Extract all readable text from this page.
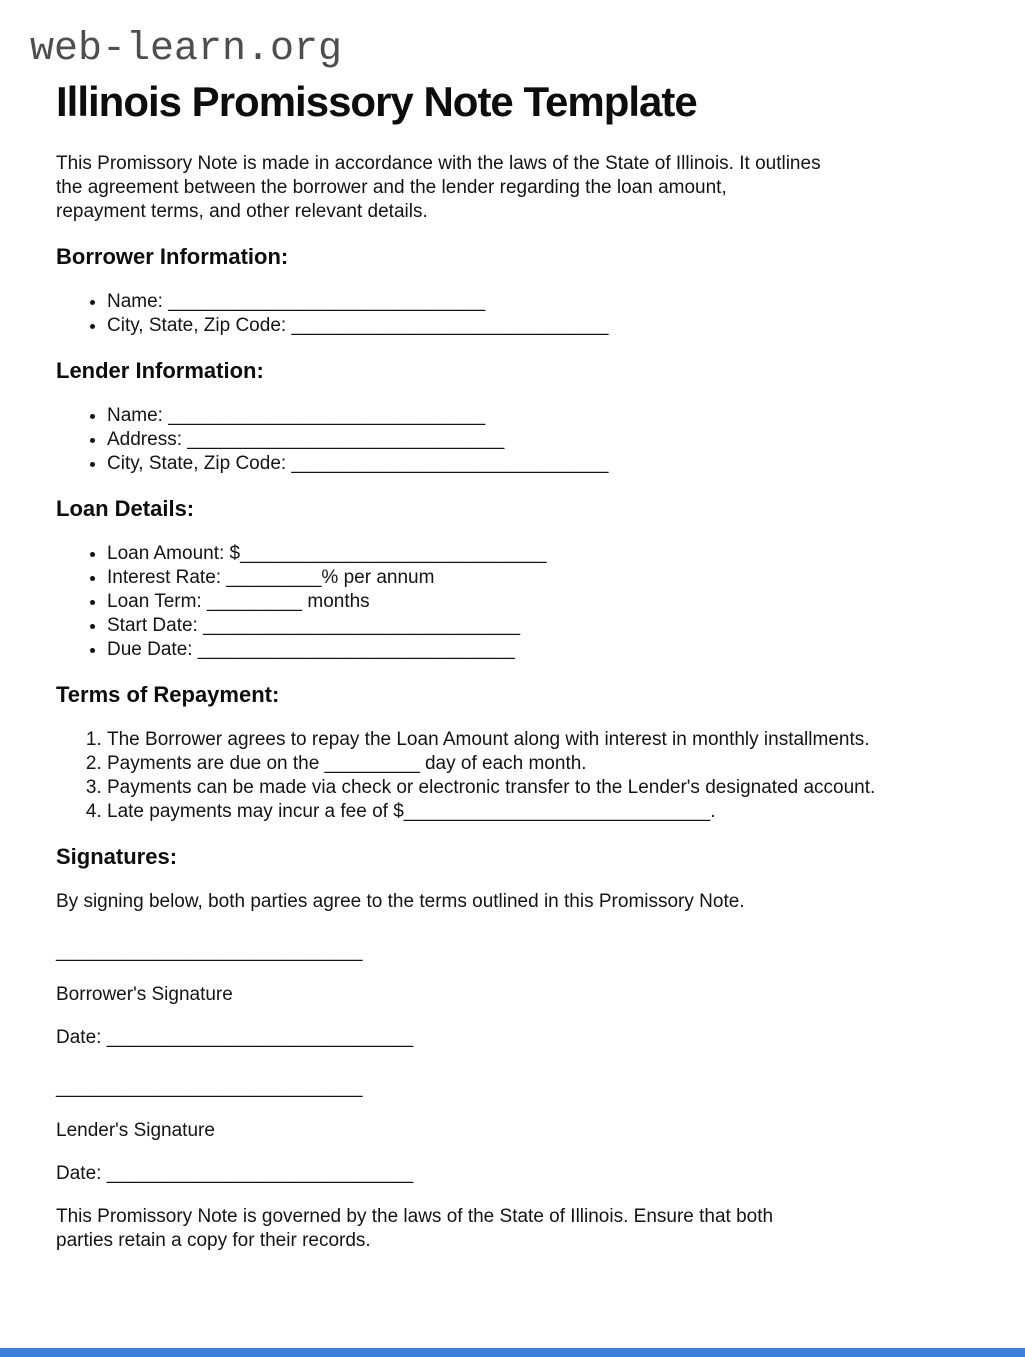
web-learn.org
Illinois Promissory Note Template
This Promissory Note is made in accordance with the laws of the State of Illinois. It outlines
the agreement between the borrower and the lender regarding the loan amount,
repayment terms, and other relevant details.
Borrower Information:
• Name: ______________________________
• City, State, Zip Code: ______________________________
Lender Information:
• Name: ______________________________
• Address: ______________________________
• City, State, Zip Code: ______________________________
Loan Details:
• Loan Amount: $_____________________________
• Interest Rate: _________% per annum
• Loan Term: _________ months
• Start Date: ______________________________
• Due Date: ______________________________
Terms of Repayment:
1. The Borrower agrees to repay the Loan Amount along with interest in monthly installments.
2. Payments are due on the _________ day of each month.
3. Payments can be made via check or electronic transfer to the Lender's designated account.
4. Late payments may incur a fee of $_____________________________.
Signatures:

By signing below, both parties agree to the terms outlined in this Promissory Note.

_____________________________

Borrower's Signature

Date: _____________________________

_____________________________

Lender's Signature

Date: _____________________________

This Promissory Note is governed by the laws of the State of Illinois. Ensure that both
parties retain a copy for their records.
